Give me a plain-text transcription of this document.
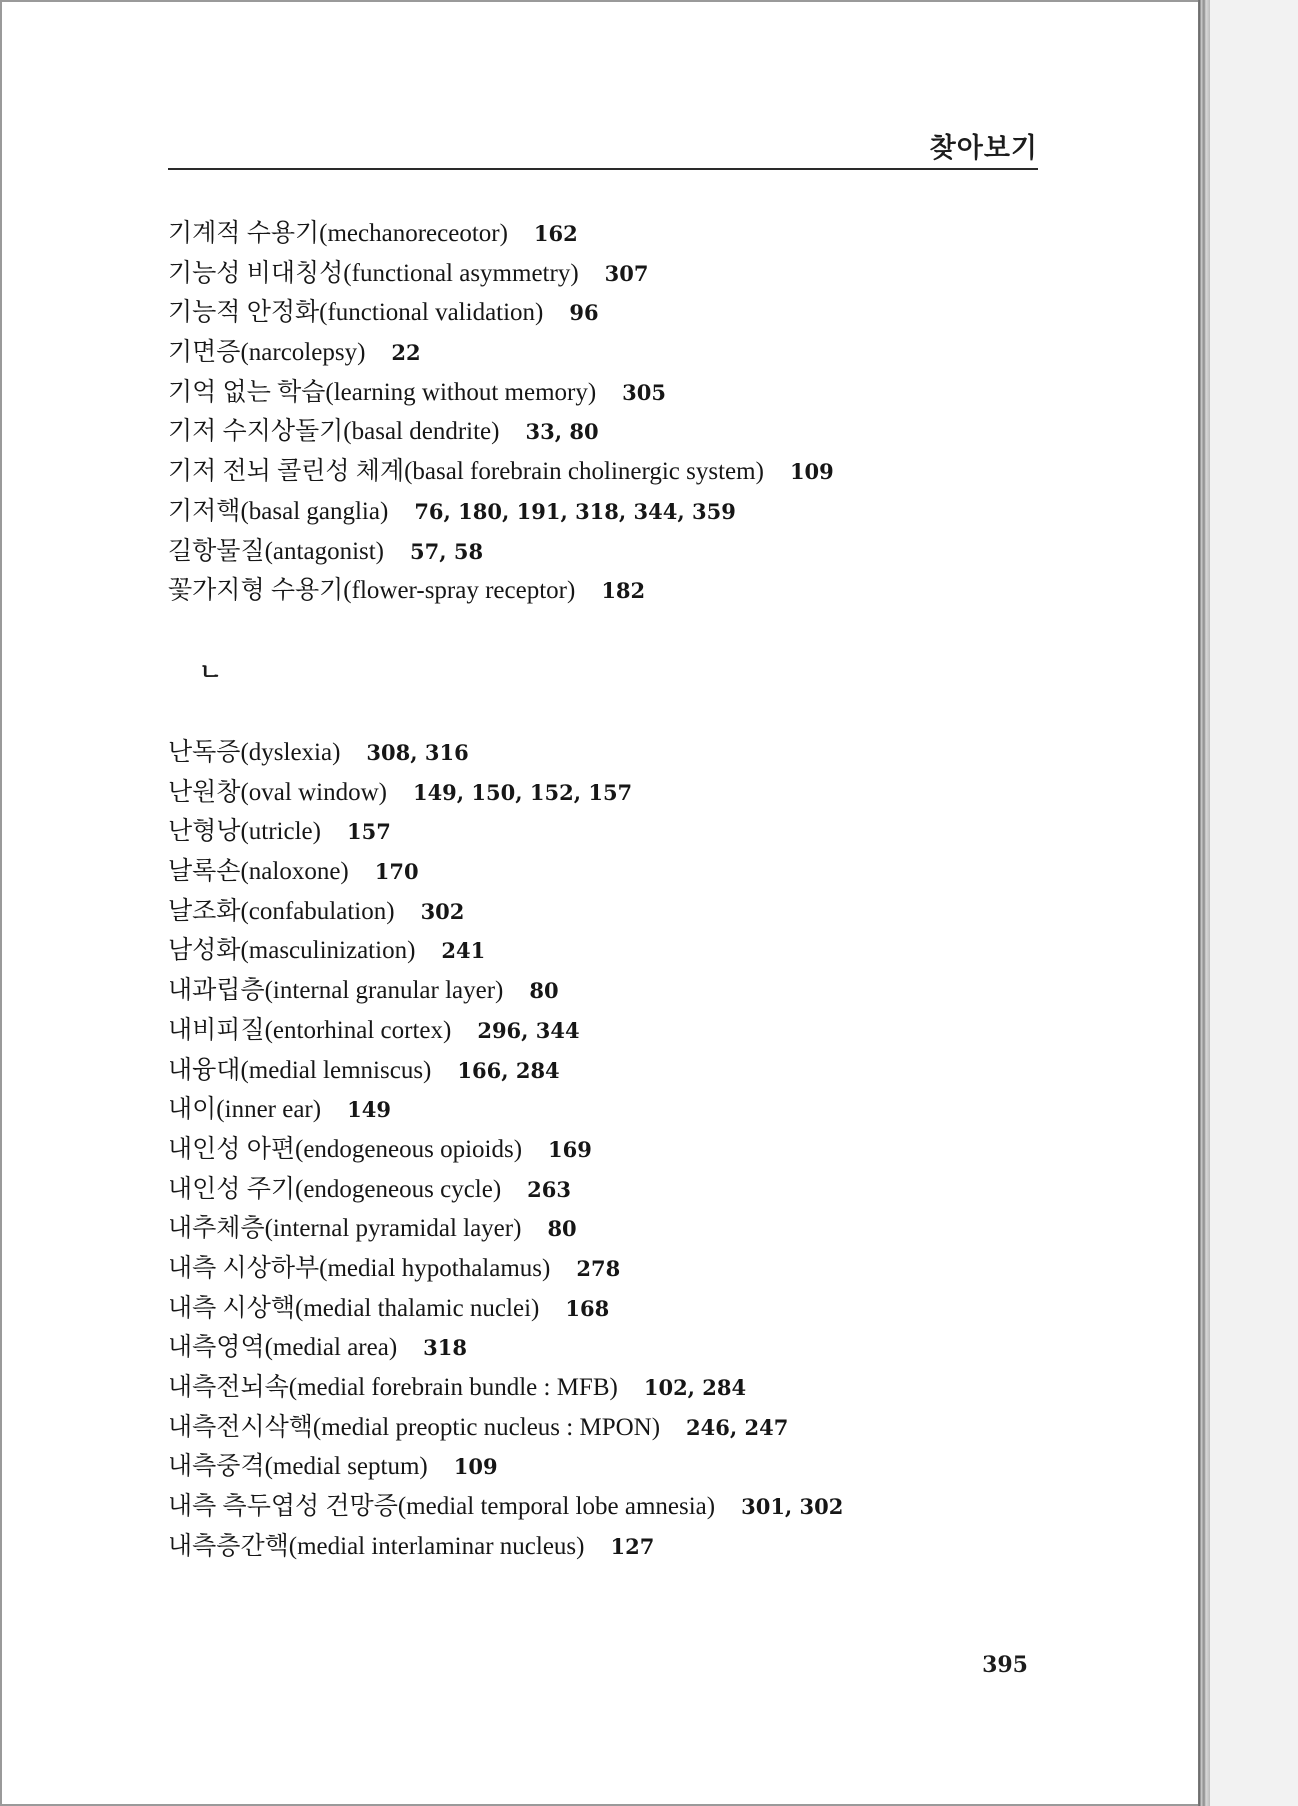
찾아보기
기계적 수용기(mechanoreceotor) 162
기능성 비대칭성(functional asymmetry) 307
기능적 안정화(functional validation) 96
기면증(narcolepsy) 22
기억 없는 학습(learning without memory) 305
기저 수지상돌기(basal dendrite) 33, 80
기저 전뇌 콜린성 체계(basal forebrain cholinergic system) 109
기저핵(basal ganglia) 76, 180, 191, 318, 344, 359
길항물질(antagonist) 57, 58
꽃가지형 수용기(flower-spray receptor) 182
ㄴ
난독증(dyslexia) 308, 316
난원창(oval window) 149, 150, 152, 157
난형낭(utricle) 157
날록손(naloxone) 170
날조화(confabulation) 302
남성화(masculinization) 241
내과립층(internal granular layer) 80
내비피질(entorhinal cortex) 296, 344
내융대(medial lemniscus) 166, 284
내이(inner ear) 149
내인성 아편(endogeneous opioids) 169
내인성 주기(endogeneous cycle) 263
내추체층(internal pyramidal layer) 80
내측 시상하부(medial hypothalamus) 278
내측 시상핵(medial thalamic nuclei) 168
내측영역(medial area) 318
내측전뇌속(medial forebrain bundle : MFB) 102, 284
내측전시삭핵(medial preoptic nucleus : MPON) 246, 247
내측중격(medial septum) 109
내측 측두엽성 건망증(medial temporal lobe amnesia) 301, 302
내측층간핵(medial interlaminar nucleus) 127
395
